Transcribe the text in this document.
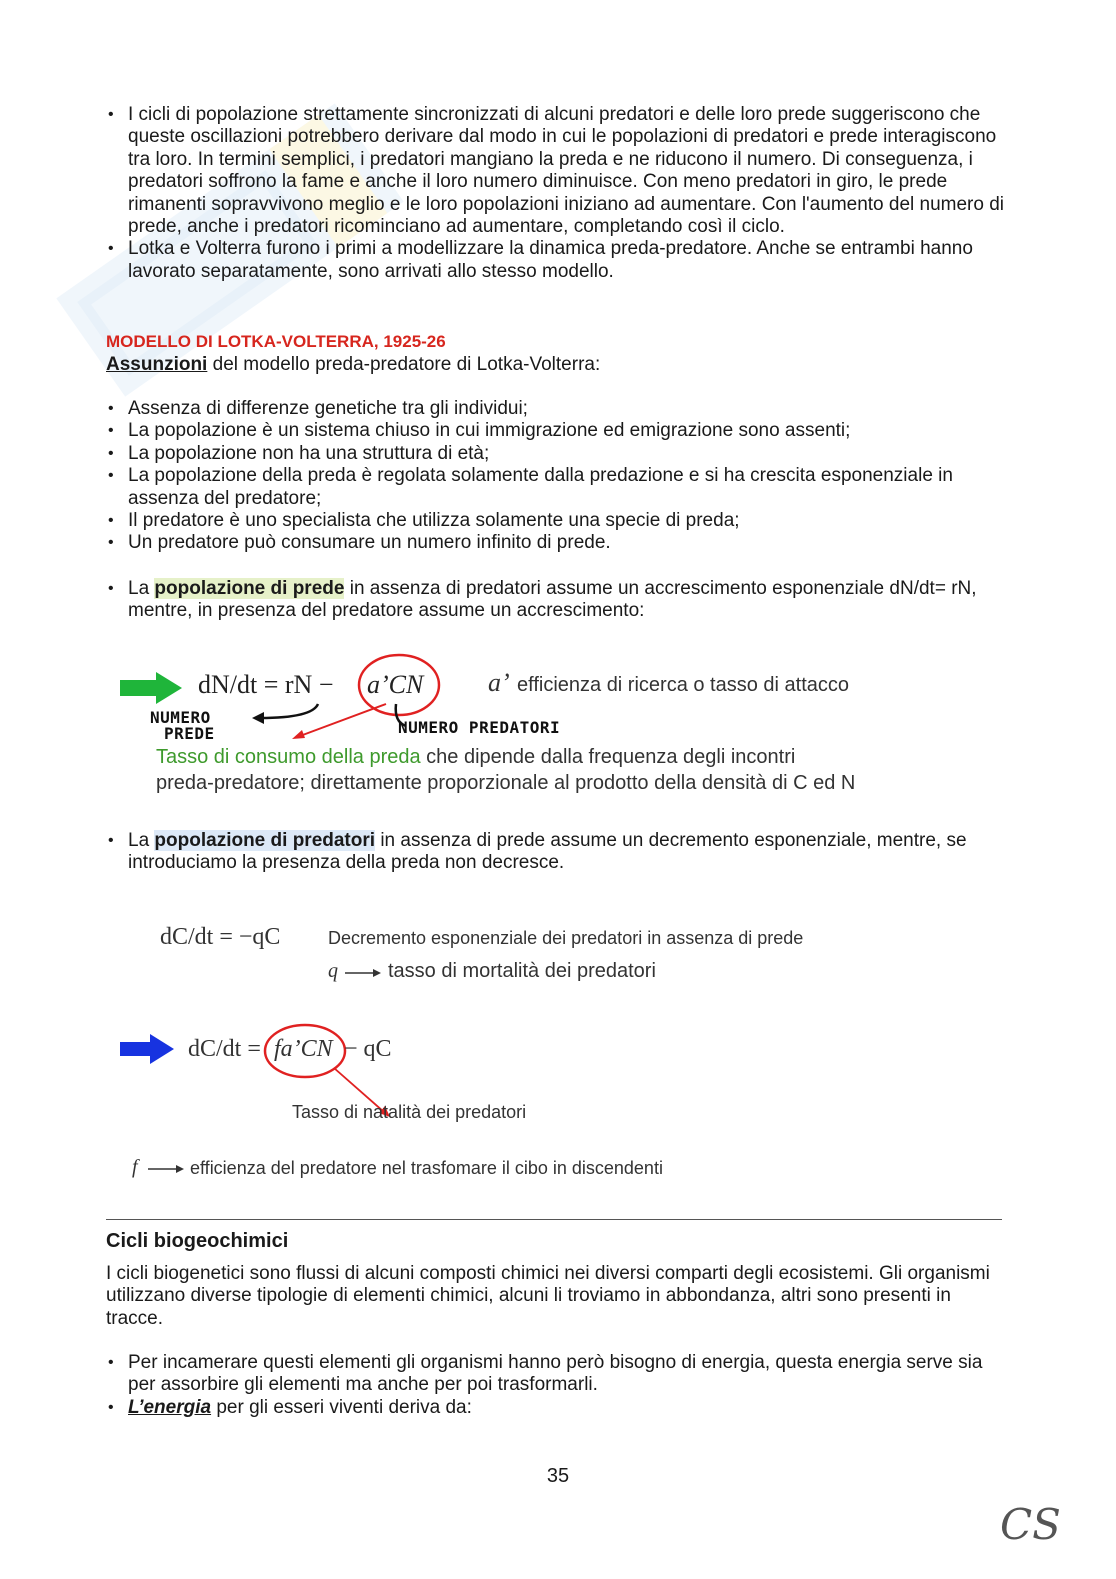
• I cicli di popolazione strettamente sincronizzati di alcuni predatori e delle loro prede suggeriscono che queste oscillazioni potrebbero derivare dal modo in cui le popolazioni di predatori e prede interagiscono tra loro. In termini semplici, i predatori mangiano la preda e ne riducono il numero. Di conseguenza, i predatori soffrono la fame e anche il loro numero diminuisce. Con meno predatori in giro, le prede rimanenti sopravvivono meglio e le loro popolazioni iniziano ad aumentare. Con l'aumento del numero di prede, anche i predatori ricominciano ad aumentare, completando così il ciclo.
• Lotka e Volterra furono i primi a modellizzare la dinamica preda-predatore. Anche se entrambi hanno lavorato separatamente, sono arrivati allo stesso modello.
MODELLO DI LOTKA-VOLTERRA, 1925-26
Assunzioni del modello preda-predatore di Lotka-Volterra:
• Assenza di differenze genetiche tra gli individui;
• La popolazione è un sistema chiuso in cui immigrazione ed emigrazione sono assenti;
• La popolazione non ha una struttura di età;
• La popolazione della preda è regolata solamente dalla predazione e si ha crescita esponenziale in assenza del predatore;
• Il predatore è uno specialista che utilizza solamente una specie di preda;
• Un predatore può consumare un numero infinito di prede.
• La popolazione di prede in assenza di predatori assume un accrescimento esponenziale dN/dt= rN, mentre, in presenza del predatore assume un accrescimento:
dN/dt = rN − a’CN a’ efficienza di ricerca o tasso di attacco
NUMERO
PREDE	NUMERO PREDATORI
Tasso di consumo della preda che dipende dalla frequenza degli incontri
preda-predatore; direttamente proporzionale al prodotto della densità di C ed N
• La popolazione di predatori in assenza di prede assume un decremento esponenziale, mentre, se introduciamo la presenza della preda non decresce.
dC/dt = −qC	Decremento esponenziale dei predatori in assenza di prede
q	tasso di mortalità dei predatori
dC/dt = fa’CN − qC
Tasso di natalità dei predatori
f	efficienza del predatore nel trasfomare il cibo in discendenti
Cicli biogeochimici
I cicli biogenetici sono flussi di alcuni composti chimici nei diversi comparti degli ecosistemi. Gli organismi utilizzano diverse tipologie di elementi chimici, alcuni li troviamo in abbondanza, altri sono presenti in tracce.
• Per incamerare questi elementi gli organismi hanno però bisogno di energia, questa energia serve sia per assorbire gli elementi ma anche per poi trasformarli.
• L’energia per gli esseri viventi deriva da:
35
CS
